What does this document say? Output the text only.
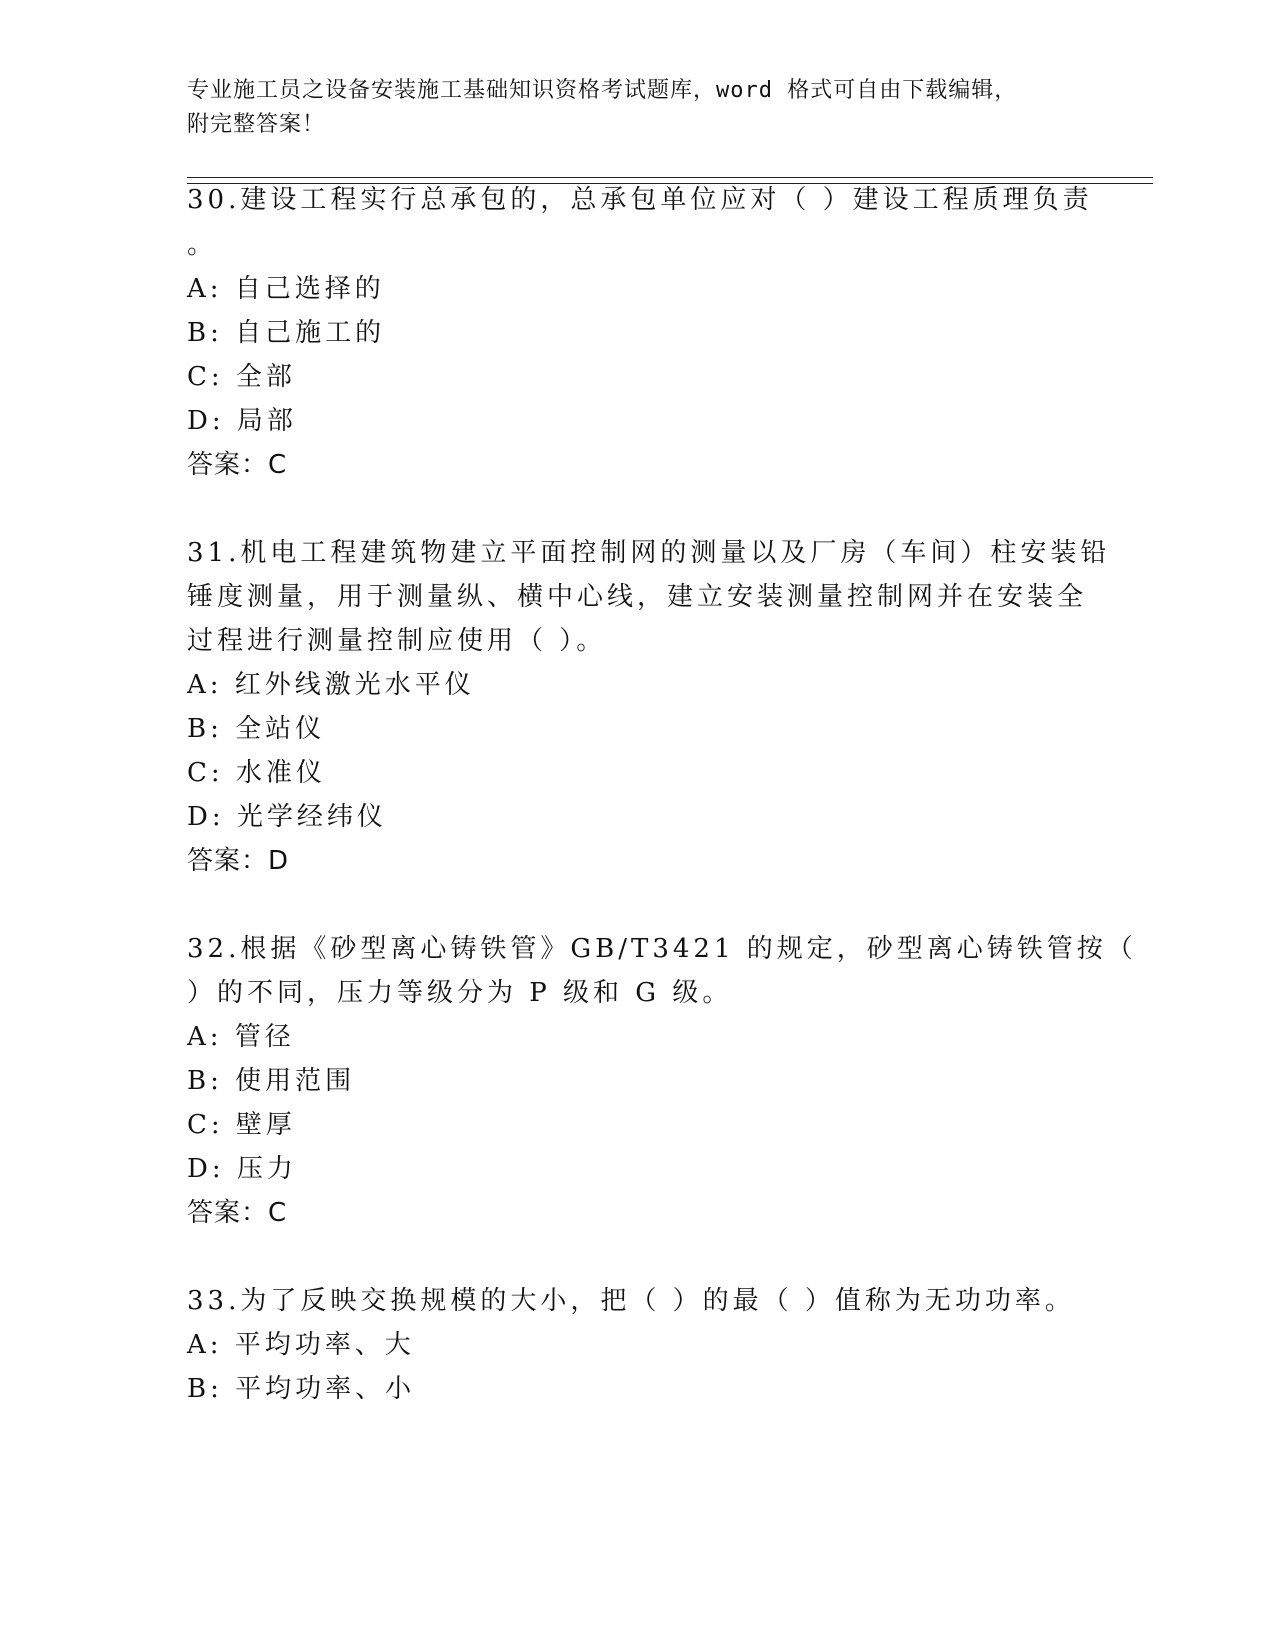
专业施工员之设备安装施工基础知识资格考试题库，word 格式可自由下载编辑，
附完整答案！
30.建设工程实行总承包的，总承包单位应对（ ）建设工程质理负责
。
A: 自己选择的
B: 自己施工的
C: 全部
D: 局部
答案：C
31.机电工程建筑物建立平面控制网的测量以及厂房（车间）柱安装铅
锤度测量，用于测量纵、横中心线，建立安装测量控制网并在安装全
过程进行测量控制应使用（ ）。
A: 红外线激光水平仪
B: 全站仪
C: 水准仪
D: 光学经纬仪
答案：D
32.根据《砂型离心铸铁管》GB/T3421 的规定，砂型离心铸铁管按（
）的不同，压力等级分为 P 级和 G 级。
A: 管径
B: 使用范围
C: 壁厚
D: 压力
答案：C
33.为了反映交换规模的大小，把（ ）的最（ ）值称为无功功率。
A: 平均功率、大
B: 平均功率、小
